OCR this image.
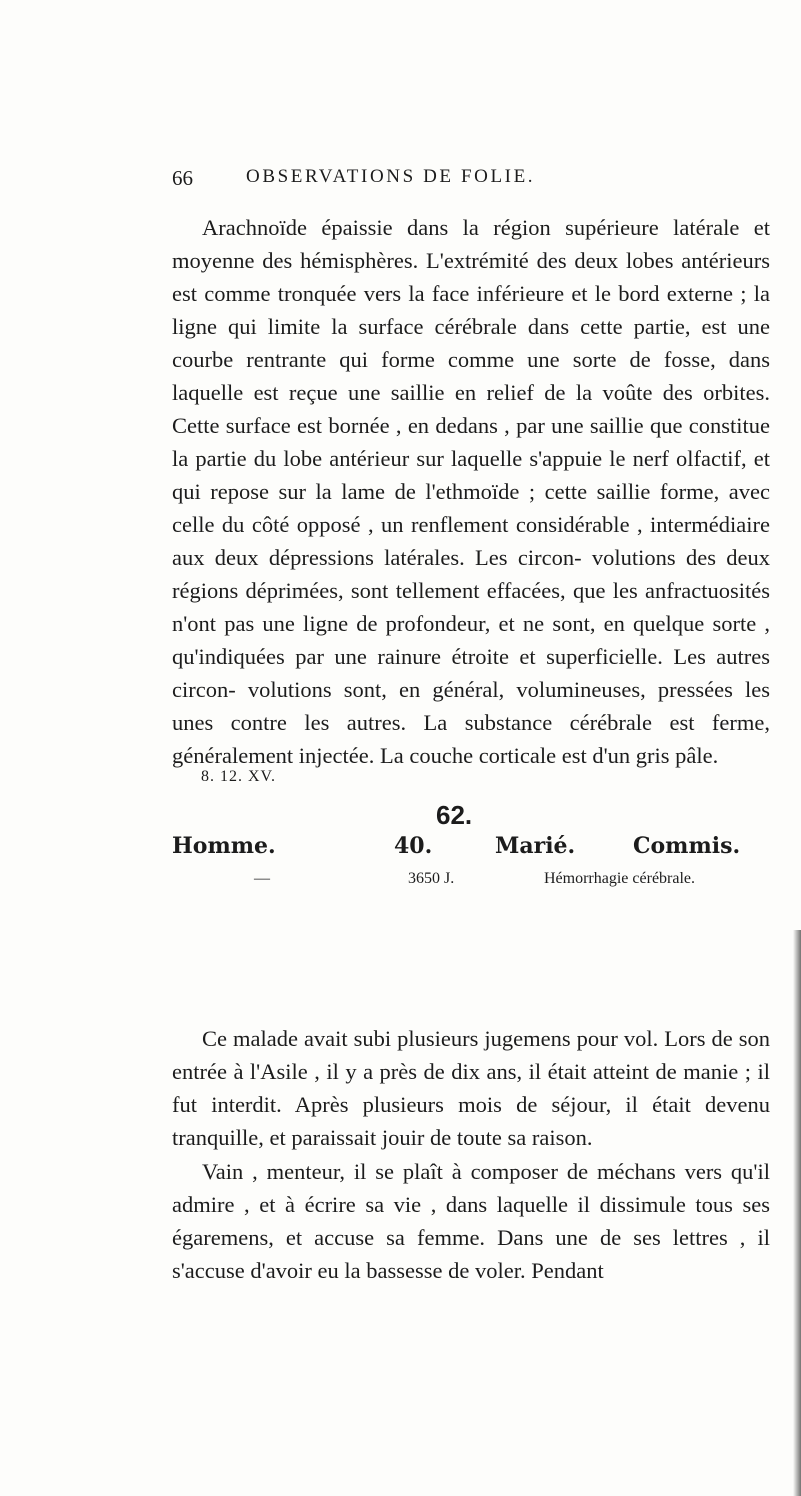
66	OBSERVATIONS DE FOLIE.

Arachnoïde épaissie dans la région supérieure latérale et moyenne des hémisphères. L'extrémité des deux lobes antérieurs est comme tronquée vers la face inférieure et le bord externe ; la ligne qui limite la surface cérébrale dans cette partie, est une courbe rentrante qui forme comme une sorte de fosse, dans laquelle est reçue une saillie en relief de la voûte des orbites. Cette surface est bornée , en dedans , par une saillie que constitue la partie du lobe antérieur sur laquelle s'appuie le nerf olfactif, et qui repose sur la lame de l'ethmoïde ; cette saillie forme, avec celle du côté opposé , un renflement considérable , intermédiaire aux deux dépressions latérales. Les circon- volutions des deux régions déprimées, sont tellement effacées, que les anfractuosités n'ont pas une ligne de profondeur, et ne sont, en quelque sorte , qu'indiquées par une rainure étroite et superficielle. Les autres circon- volutions sont, en général, volumineuses, pressées les unes contre les autres. La substance cérébrale est ferme, généralement injectée. La couche corticale est d'un gris pâle.

8. 12. XV.
62.
Homme.	40.	Marié.	Commis.
—	3650 J.	Hémorrhagie cérébrale.

Ce malade avait subi plusieurs jugemens pour vol. Lors de son entrée à l'Asile , il y a près de dix ans, il était atteint de manie ; il fut interdit. Après plusieurs mois de séjour, il était devenu tranquille, et paraissait jouir de toute sa raison.

Vain , menteur, il se plaît à composer de méchans vers qu'il admire , et à écrire sa vie , dans laquelle il dissimule tous ses égaremens, et accuse sa femme. Dans une de ses lettres , il s'accuse d'avoir eu la bassesse de voler. Pendant
